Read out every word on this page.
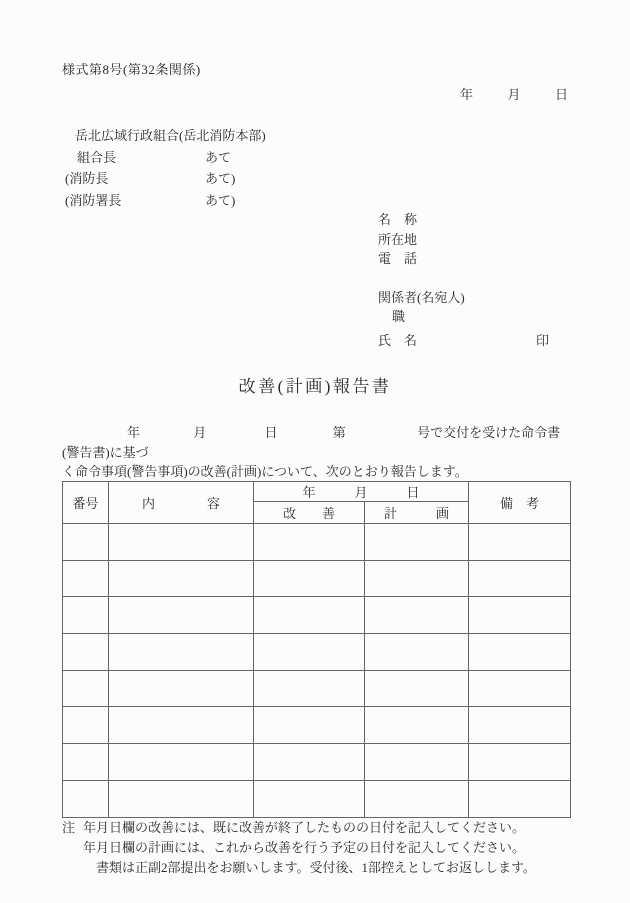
様式第8号(第32条関係)
年	月	日
岳北広域行政組合(岳北消防本部)
組合長	あて
(消防長	あて)
(消防署長	あて)
名　称
所在地
電　話
関係者(名宛人)
職
氏　名	印
改善(計画)報告書
年	月	日	第	号で交付を受けた命令書(警告書)に基づ
く命令事項(警告事項)の改善(計画)について、次のとおり報告します。
番号	内　　　　容	年　　　月　　　日		備　考
		改　　善	計　　　画	

注 年月日欄の改善には、既に改善が終了したものの日付を記入してください。
年月日欄の計画には、これから改善を行う予定の日付を記入してください。
書類は正副2部提出をお願いします。受付後、1部控えとしてお返しします。
